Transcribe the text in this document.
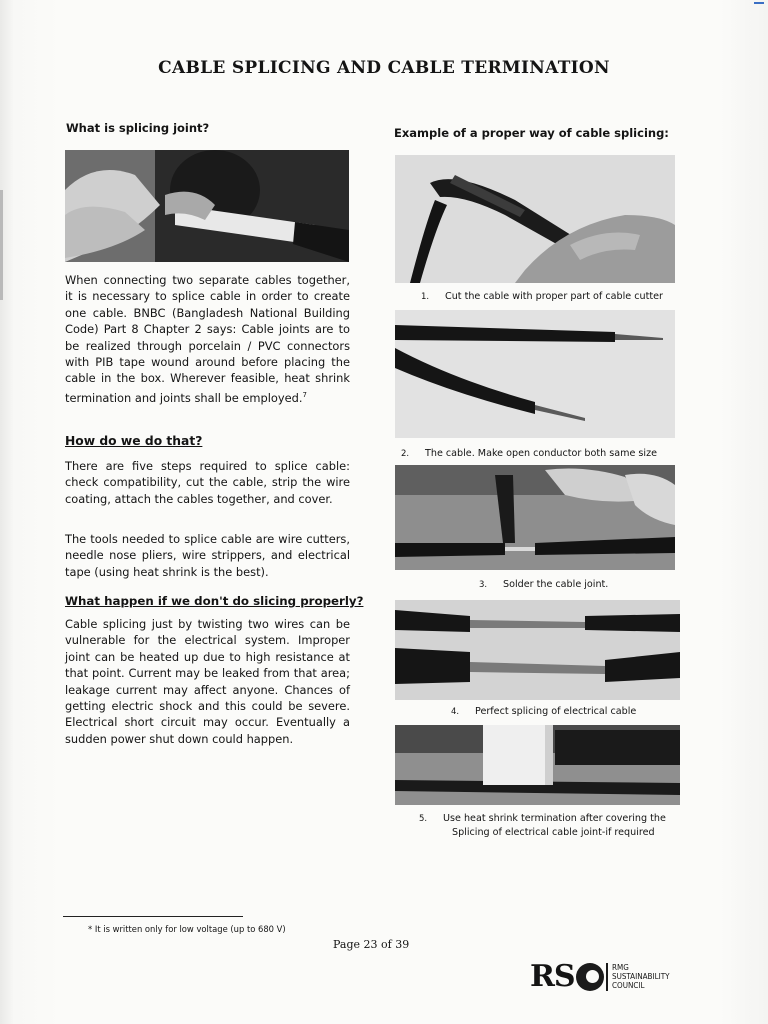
CABLE SPLICING AND CABLE TERMINATION
What is splicing joint?

When connecting two separate cables together, it is necessary to splice cable in order to create one cable. BNBC (Bangladesh National Building Code) Part 8 Chapter 2 says: Cable joints are to be realized through porcelain / PVC connectors with PIB tape wound around before placing the cable in the box. Wherever feasible, heat shrink termination and joints shall be employed.$^7$

How do we do that?

There are five steps required to splice cable: check compatibility, cut the cable, strip the wire coating, attach the cables together, and cover.

The tools needed to splice cable are wire cutters, needle nose pliers, wire strippers, and electrical tape (using heat shrink is the best).

What happen if we don't do slicing properly?

Cable splicing just by twisting two wires can be vulnerable for the electrical system. Improper joint can be heated up due to high resistance at that point. Current may be leaked from that area; leakage current may affect anyone. Chances of getting electric shock and this could be severe. Electrical short circuit may occur. Eventually a sudden power shut down could happen.

Example of a proper way of cable splicing:
1. Cut the cable with proper part of cable cutter
2. The cable. Make open conductor both same size
3. Solder the cable joint.
4. Perfect splicing of electrical cable
5. Use heat shrink termination after covering the
Splicing of electrical cable joint-if required
* It is written only for low voltage (up to 680 V)
Page 23 of 39
RS	RMG
SUSTAINABILITY
COUNCIL
